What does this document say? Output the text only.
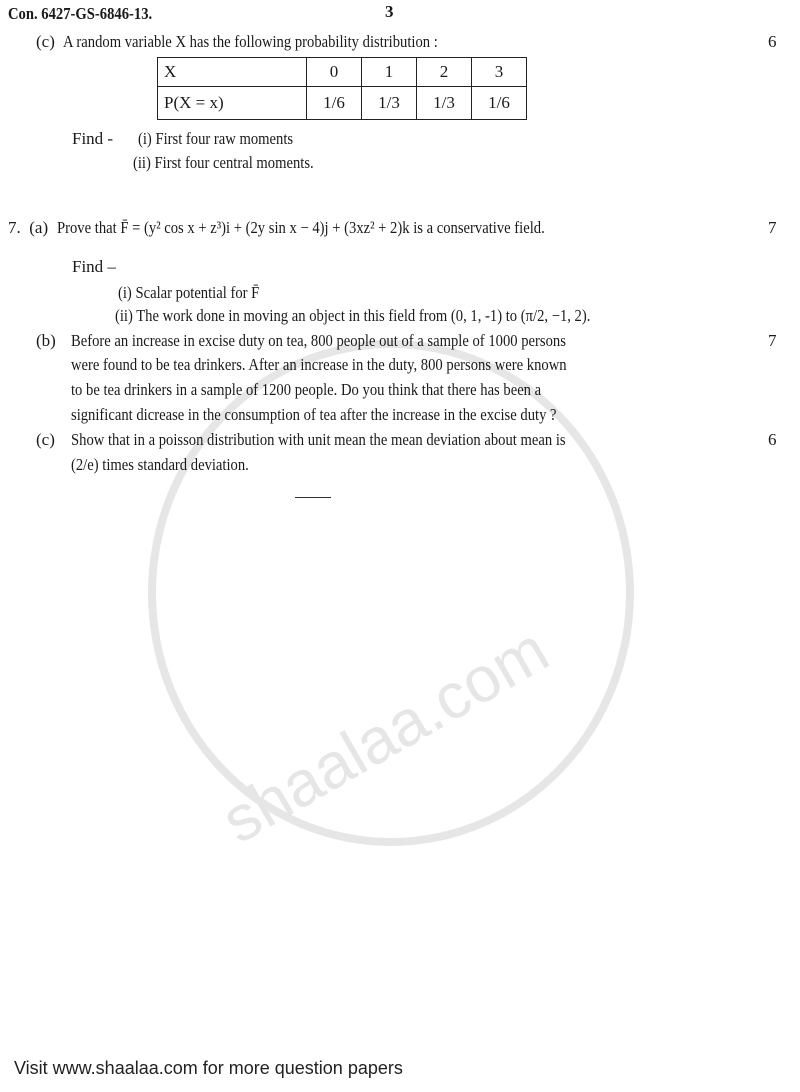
shaalaa.com
Con. 6427-GS-6846-13.	3
(c) A random variable X has the following probability distribution :	6
X	0	1	2	3
P(X = x)	1/6	1/3	1/3	1/6
Find - (i) First four raw moments
(ii) First four central moments.
7. (a) Prove that F̄ = (y² cos x + z³)i + (2y sin x − 4)j + (3xz² + 2)k is a conservative field.	7
Find –
(i) Scalar potential for F̄
(ii) The work done in moving an object in this field from (0, 1, -1) to (π/2, −1, 2).
(b)	7
Before an increase in excise duty on tea, 800 people out of a sample of 1000 persons
were found to be tea drinkers. After an increase in the duty, 800 persons were known
to be tea drinkers in a sample of 1200 people. Do you think that there has been a
significant dicrease in the consumption of tea after the increase in the excise duty ?
(c)	6
Show that in a poisson distribution with unit mean the mean deviation about mean is
(2/e) times standard deviation.
Visit www.shaalaa.com for more question papers
